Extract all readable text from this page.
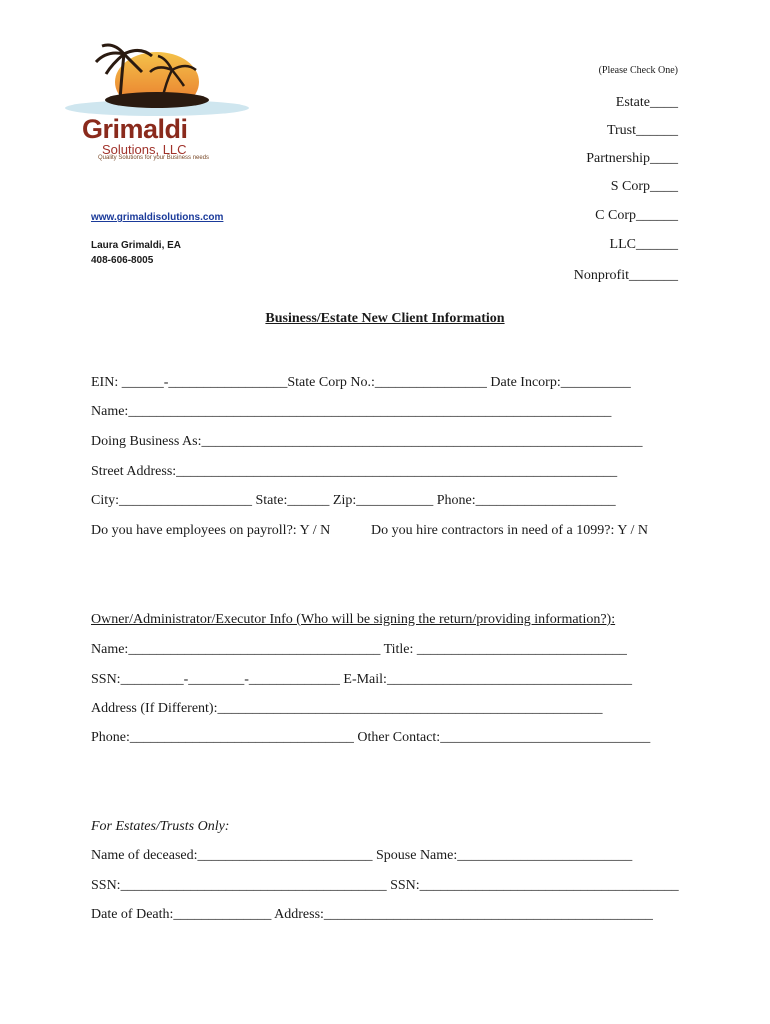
Grimaldi
Solutions, LLC
Quality Solutions for your Business needs
www.grimaldisolutions.com
Laura Grimaldi, EA
408-606-8005
(Please Check One)
Estate____
Trust______
Partnership____
S Corp____
C Corp______
LLC______
Nonprofit_______
Business/Estate New Client Information
EIN: ______-_________________State Corp No.:________________ Date Incorp:__________
Name:_____________________________________________________________________
Doing Business As:_______________________________________________________________
Street Address:_______________________________________________________________
City:___________________ State:______ Zip:___________ Phone:____________________
Do you have employees on payroll?: Y / N	Do you hire contractors in need of a 1099?: Y / N
Owner/Administrator/Executor Info (Who will be signing the return/providing information?):
Name:____________________________________ Title: ______________________________
SSN:_________-________-_____________ E-Mail:___________________________________
Address (If Different):_______________________________________________________
Phone:________________________________ Other Contact:______________________________
For Estates/Trusts Only:
Name of deceased:_________________________ Spouse Name:_________________________
SSN:______________________________________ SSN:_____________________________________
Date of Death:______________ Address:_______________________________________________
